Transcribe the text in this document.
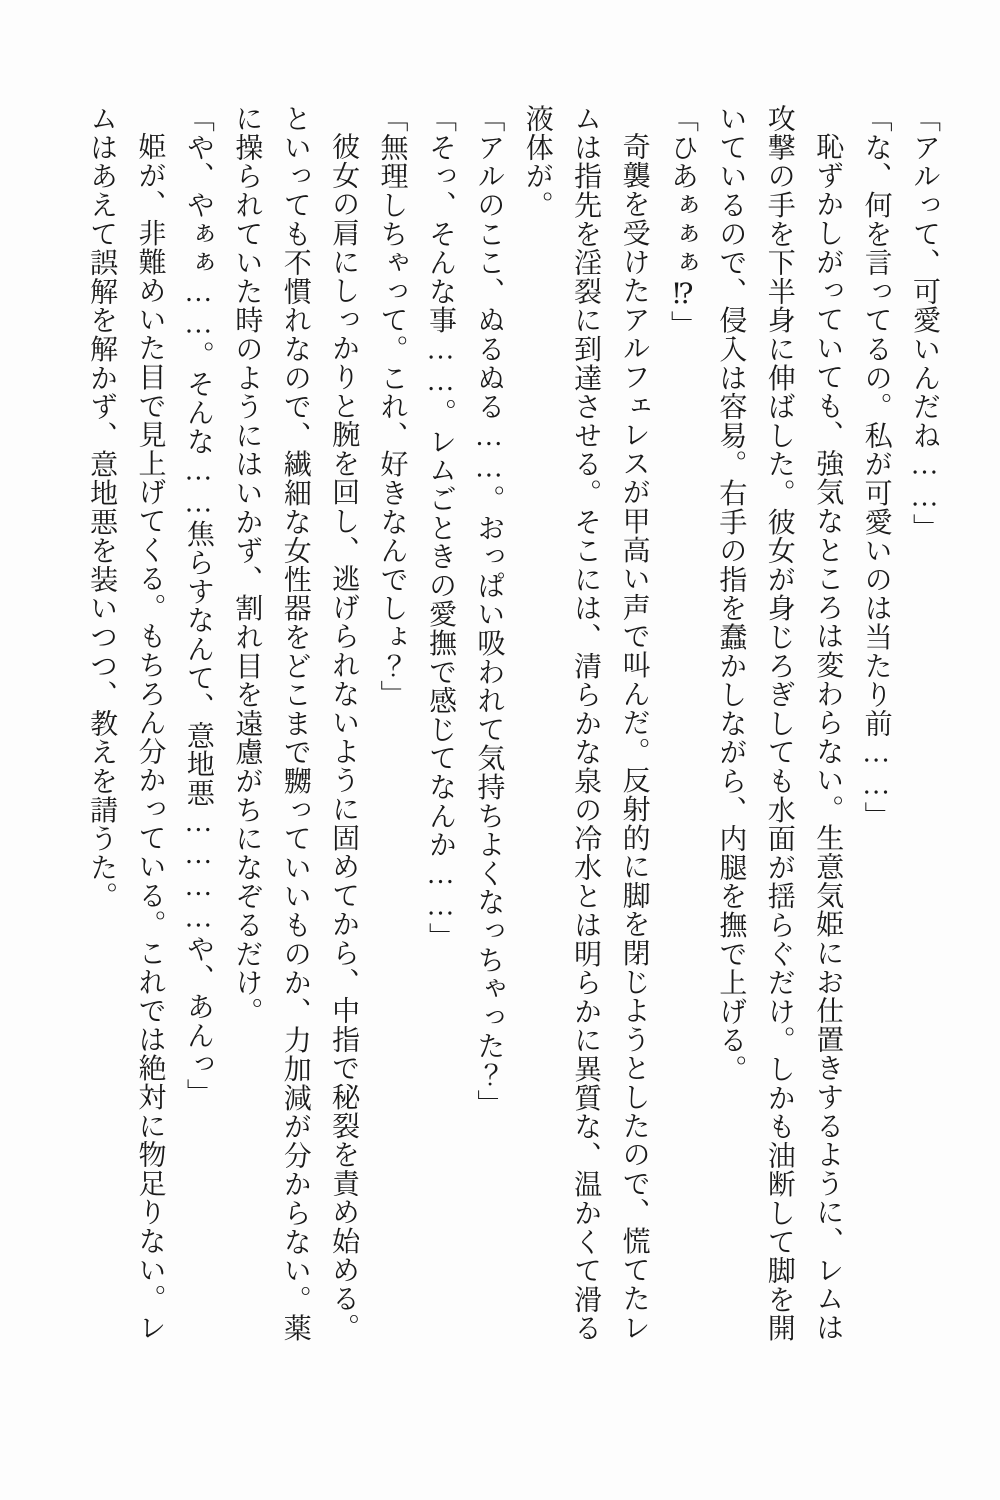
「アルって、可愛いんだね……」

「な、何を言ってるの。私が可愛いのは当たり前……」

恥ずかしがっていても、強気なところは変わらない。生意気姫にお仕置きするように、レムは攻撃の手を下半身に伸ばした。彼女が身じろぎしても水面が揺らぐだけ。しかも油断して脚を開いているので、侵入は容易。右手の指を蠢かしながら、内腿を撫で上げる。

「ひあぁぁぁ⁉」

奇襲を受けたアルフェレスが甲高い声で叫んだ。反射的に脚を閉じようとしたので、慌てたレムは指先を淫裂に到達させる。そこには、清らかな泉の冷水とは明らかに異質な、温かくて滑る液体が。

「アルのここ、ぬるぬる……。おっぱい吸われて気持ちよくなっちゃった？」

「そっ、そんな事……。レムごときの愛撫で感じてなんか……」

「無理しちゃって。これ、好きなんでしょ？」

彼女の肩にしっかりと腕を回し、逃げられないように固めてから、中指で秘裂を責め始める。といっても不慣れなので、繊細な女性器をどこまで嬲っていいものか、力加減が分からない。薬に操られていた時のようにはいかず、割れ目を遠慮がちになぞるだけ。

「や、やぁぁ……。そんな……焦らすなんて、意地悪…………や、あんっ」

姫が、非難めいた目で見上げてくる。もちろん分かっている。これでは絶対に物足りない。レムはあえて誤解を解かず、意地悪を装いつつ、教えを請うた。
